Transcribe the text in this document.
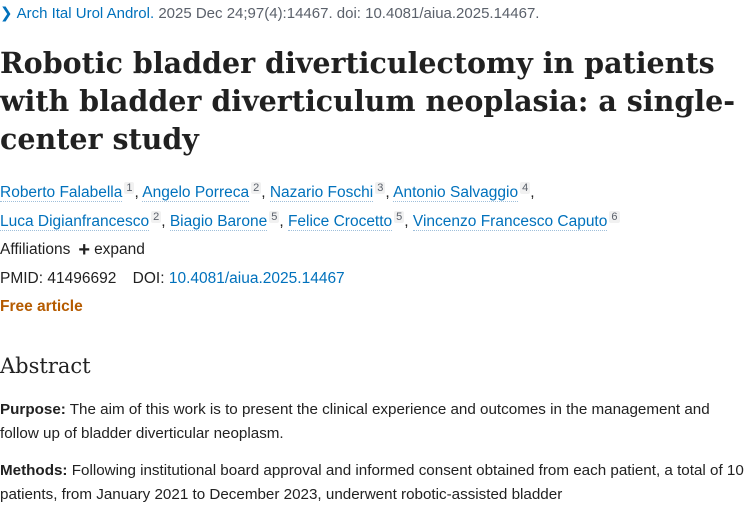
❯ Arch Ital Urol Androl. 2025 Dec 24;97(4):14467. doi: 10.4081/aiua.2025.14467.
Robotic bladder diverticulectomy in patients with bladder diverticulum neoplasia: a single-center study
Roberto Falabella $^1$ , Angelo Porreca $^2$ , Nazario Foschi $^3$ , Antonio Salvaggio $^4$ ,
Luca Digianfrancesco $^2$ , Biagio Barone $^5$ , Felice Crocetto $^5$ , Vincenzo Francesco Caputo $^6$
Affiliations + expand
PMID: 41496692 DOI: 10.4081/aiua.2025.14467
Free article
Abstract

Purpose: The aim of this work is to present the clinical experience and outcomes in the management and follow up of bladder diverticular neoplasm.

Methods: Following institutional board approval and informed consent obtained from each patient, a total of 10 patients, from January 2021 to December 2023, underwent robotic-assisted bladder
